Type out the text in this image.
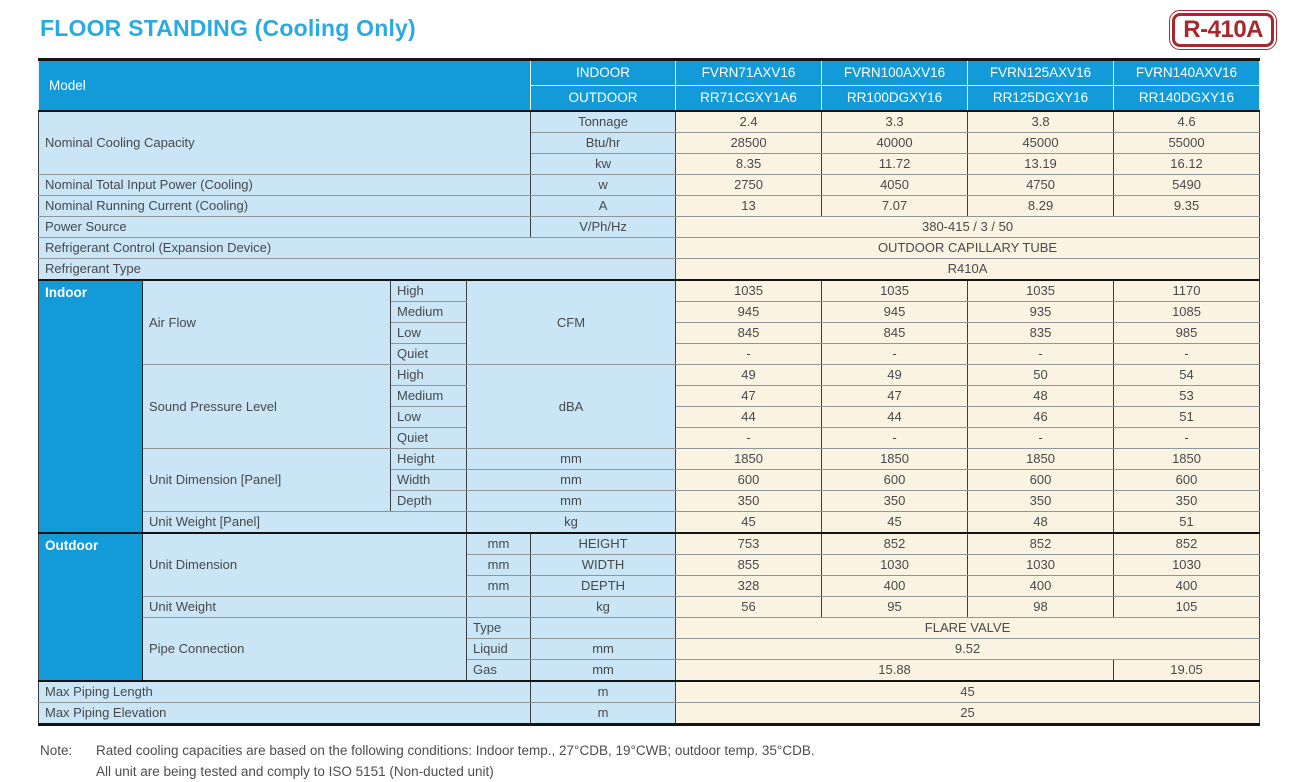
FLOOR STANDING (Cooling Only)	R-410A
Model				INDOOR	FVRN71AXV16	FVRN100AXV16	FVRN125AXV16	FVRN140AXV16
				OUTDOOR	RR71CGXY1A6	RR100DGXY16	RR125DGXY16	RR140DGXY16
Nominal Cooling Capacity				Tonnage	2.4	3.3	3.8	4.6
				Btu/hr	28500	40000	45000	55000
				kw	8.35	11.72	13.19	16.12
Nominal Total Input Power (Cooling)				w	2750	4050	4750	5490
Nominal Running Current (Cooling)				A	13	7.07	8.29	9.35
Power Source				V/Ph/Hz	380-415 / 3 / 50			
Refrigerant Control (Expansion Device)					OUTDOOR CAPILLARY TUBE			
Refrigerant Type					R410A			
Indoor	Air Flow	High	CFM		1035	1035	1035	1170
		Medium			945	945	935	1085
		Low			845	845	835	985
		Quiet			-	-	-	-
	Sound Pressure Level	High	dBA		49	49	50	54
		Medium			47	47	48	53
		Low			44	44	46	51
		Quiet			-	-	-	-
	Unit Dimension [Panel]	Height	mm		1850	1850	1850	1850
		Width	mm		600	600	600	600
		Depth	mm		350	350	350	350
	Unit Weight [Panel]		kg		45	45	48	51
Outdoor	Unit Dimension		mm	HEIGHT	753	852	852	852
			mm	WIDTH	855	1030	1030	1030
			mm	DEPTH	328	400	400	400
	Unit Weight			kg	56	95	98	105
	Pipe Connection		Type		FLARE VALVE			
			Liquid	mm	9.52			
			Gas	mm	15.88			19.05
Max Piping Length				m	45			
Max Piping Elevation				m	25			
Note: Rated cooling capacities are based on the following conditions: Indoor temp., 27°CDB, 19°CWB; outdoor temp. 35°CDB.
All unit are being tested and comply to ISO 5151 (Non-ducted unit)
